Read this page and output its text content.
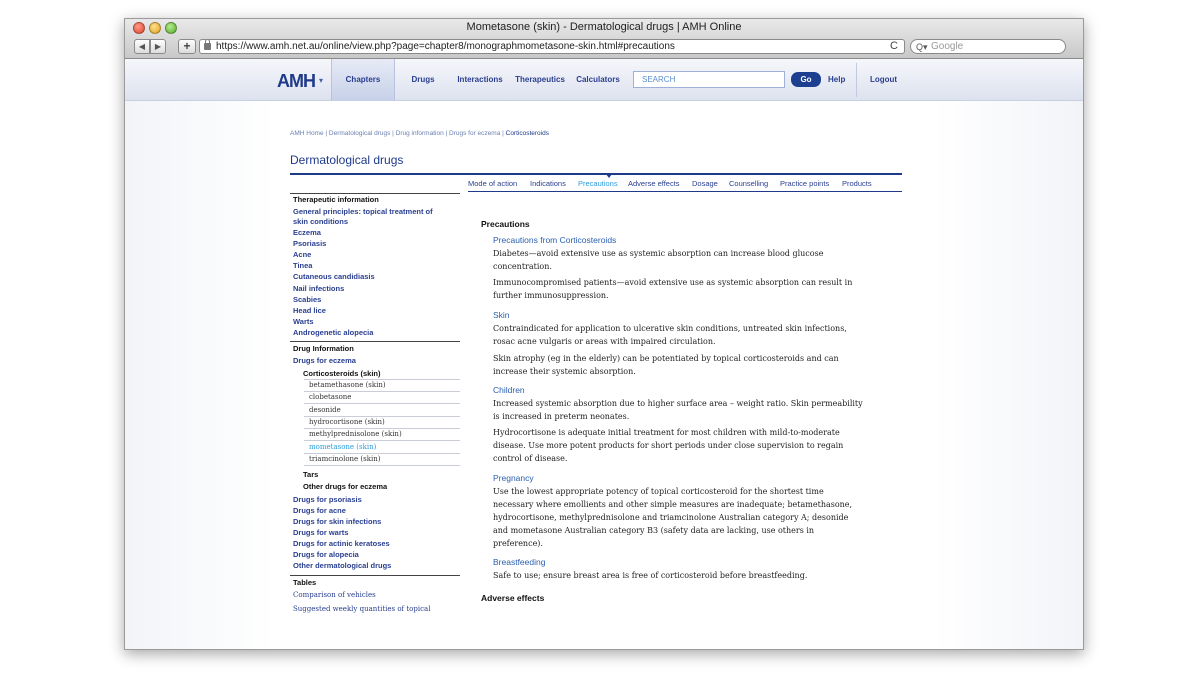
Mometasone (skin) - Dermatological drugs | AMH Online
◀	▶	+	https://www.amh.net.au/online/view.php?page=chapter8/monographmometasone-skin.html#precautions	C Q▾ Google
AMH ▾	Chapters	Drugs	Interactions Therapeutics Calculators	SEARCH	Go	Help	Logout
AMH Home | Dermatological drugs | Drug information | Drugs for eczema | Corticosteroids
Dermatological drugs
Mode of action Indications Precautions Adverse effects Dosage Counselling Practice points Products
Therapeutic information
General principles: topical treatment of
skin conditions
Eczema
Psoriasis
Acne
Tinea
Cutaneous candidiasis
Nail infections
Scabies
Head lice
Warts
Androgenetic alopecia
Drug Information
Drugs for eczema
Corticosteroids (skin)
betamethasone (skin)
clobetasone
desonide
hydrocortisone (skin)
methylprednisolone (skin)
mometasone (skin)
triamcinolone (skin)
Tars
Other drugs for eczema
Drugs for psoriasis
Drugs for acne
Drugs for skin infections
Drugs for warts
Drugs for actinic keratoses
Drugs for alopecia
Other dermatological drugs
Tables
Comparison of vehicles
Suggested weekly quantities of topical
Precautions
Precautions from Corticosteroids
Diabetes—avoid extensive use as systemic absorption can increase blood glucose concentration.
Immunocompromised patients—avoid extensive use as systemic absorption can result in further immunosuppression.
Skin
Contraindicated for application to ulcerative skin conditions, untreated skin infections, rosac acne vulgaris or areas with impaired circulation.
Skin atrophy (eg in the elderly) can be potentiated by topical corticosteroids and can increase their systemic absorption.
Children
Increased systemic absorption due to higher surface area – weight ratio. Skin permeability is increased in preterm neonates.
Hydrocortisone is adequate initial treatment for most children with mild-to-moderate disease. Use more potent products for short periods under close supervision to regain control of disease.
Pregnancy
Use the lowest appropriate potency of topical corticosteroid for the shortest time necessary where emollients and other simple measures are inadequate; betamethasone, hydrocortisone, methylprednisolone and triamcinolone Australian category A; desonide and mometasone Australian category B3 (safety data are lacking, use others in preference).
Breastfeeding
Safe to use; ensure breast area is free of corticosteroid before breastfeeding.
Adverse effects
